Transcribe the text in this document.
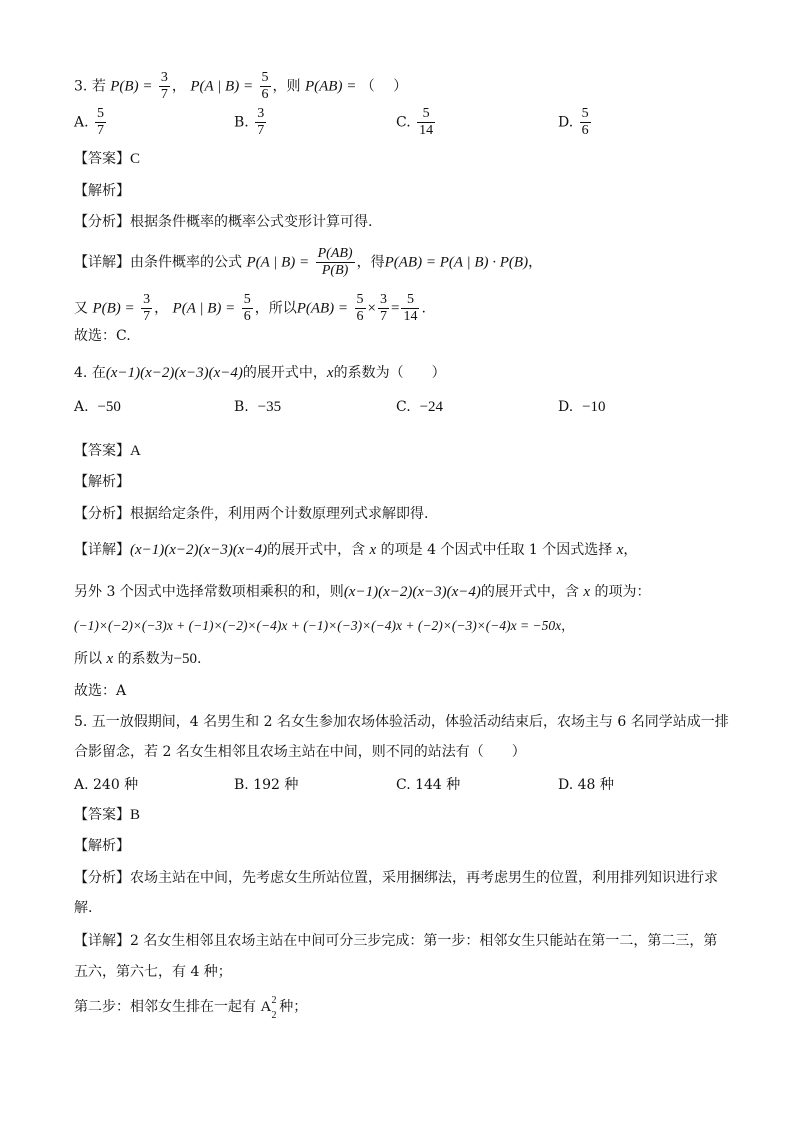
3. 若 $P(B) = \frac{3}{7}$ ， P(A | $B) = \frac{5}{6}$ ，则 P(AB) = （　 ）
A. $\frac{5}{7}$	B. $\frac{3}{7}$	C. $\frac{5}{14}$	D. $\frac{5}{6}$
【答案】C
【解析】
【分析】根据条件概率的概率公式变形计算可得.
【详解】由条件概率的公式 P(A | $B) = \frac{P(AB)}{P(B)}$ ，得P(AB) = P(A | B) · P(B)，
又 $P(B) = \frac{3}{7}$ ， P(A | $B) = \frac{5}{6}$ ，所以$P(AB) = \frac{5}{6} \times \frac{3}{7} = \frac{5}{14}$ .
故选：C.
4. 在(x−1)(x−2)(x−3)(x−4)的展开式中，x的系数为（　　）
A. −50	B. −35	C. −24	D. −10
【答案】A
【解析】
【分析】根据给定条件，利用两个计数原理列式求解即得.
【详解】(x−1)(x−2)(x−3)(x−4)的展开式中，含 x 的项是 4 个因式中任取 1 个因式选择 x，
另外 3 个因式中选择常数项相乘积的和，则(x−1)(x−2)(x−3)(x−4)的展开式中，含 x 的项为：
(−1)×(−2)×(−3)x + (−1)×(−2)×(−4)x + (−1)×(−3)×(−4)x + (−2)×(−3)×(−4)x = −50x，
所以 x 的系数为−50.
故选：A
5. 五一放假期间，4 名男生和 2 名女生参加农场体验活动，体验活动结束后，农场主与 6 名同学站成一排
合影留念，若 2 名女生相邻且农场主站在中间，则不同的站法有（　　）
A. 240 种	B. 192 种	C. 144 种	D. 48 种
【答案】B
【解析】
【分析】农场主站在中间，先考虑女生所站位置，采用捆绑法，再考虑男生的位置，利用排列知识进行求
解.
【详解】2 名女生相邻且农场主站在中间可分三步完成：第一步：相邻女生只能站在第一二，第二三，第
五六，第六七，有 4 种；
第二步：相邻女生排在一起有 A 2
2
种；
